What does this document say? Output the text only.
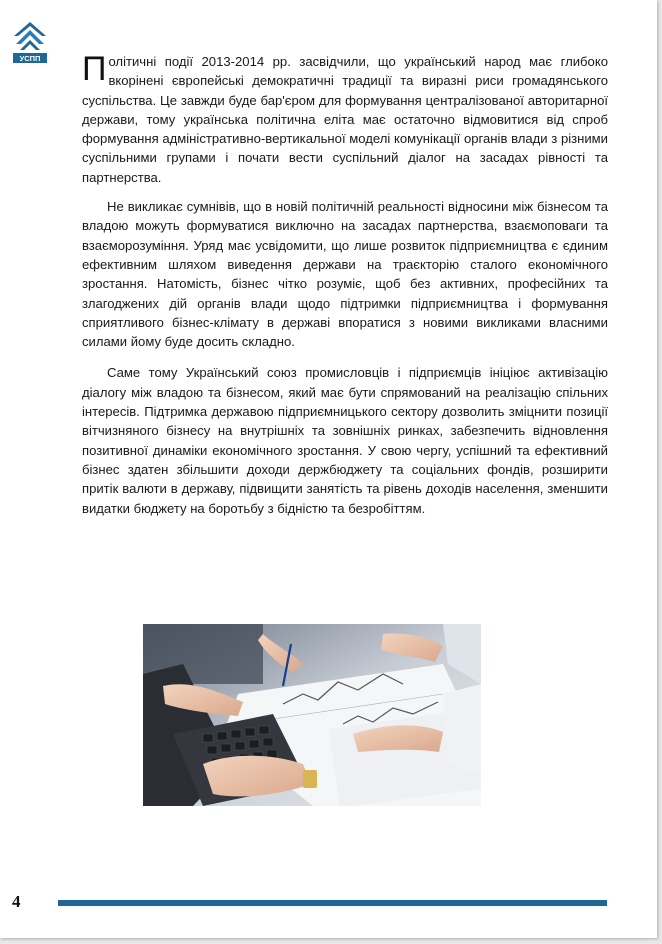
УСПП Політичні події 2013-2014 рр. засвідчили, що український народ має глибоко вкорінені європейські демократичні традиції та виразні риси громадянського суспільства. Це завжди буде бар'єром для формування централізованої авторитарної держави, тому українська політична еліта має остаточно відмовитися від спроб формування адміністративно-вертикальної моделі комунікації органів влади з різними суспільними групами і почати вести суспільний діалог на засадах рівності та партнерства.

Не викликає сумнівів, що в новій політичній реальності відносини між бізнесом та владою можуть формуватися виключно на засадах партнерства, взаємоповаги та взаєморозуміння. Уряд має усвідомити, що лише розвиток підприємництва є єдиним ефективним шляхом виведення держави на траєкторію сталого економічного зростання. Натомість, бізнес чітко розуміє, щоб без активних, професійних та злагоджених дій органів влади щодо підтримки підприємництва і формування сприятливого бізнес-клімату в державі впоратися з новими викликами власними силами йому буде досить складно.

Саме тому Український союз промисловців і підприємців ініціює активізацію діалогу між владою та бізнесом, який має бути спрямований на реалізацію спільних інтересів. Підтримка державою підприємницького сектору дозволить зміцнити позиції вітчизняного бізнесу на внутрішніх та зовнішніх ринках, забезпечить відновлення позитивної динаміки економічного зростання. У свою чергу, успішний та ефективний бізнес здатен збільшити доходи держбюджету та соціальних фондів, розширити притік валюти в державу, підвищити занятість та рівень доходів населення, зменшити видатки бюджету на боротьбу з бідністю та безробіттям.

4
